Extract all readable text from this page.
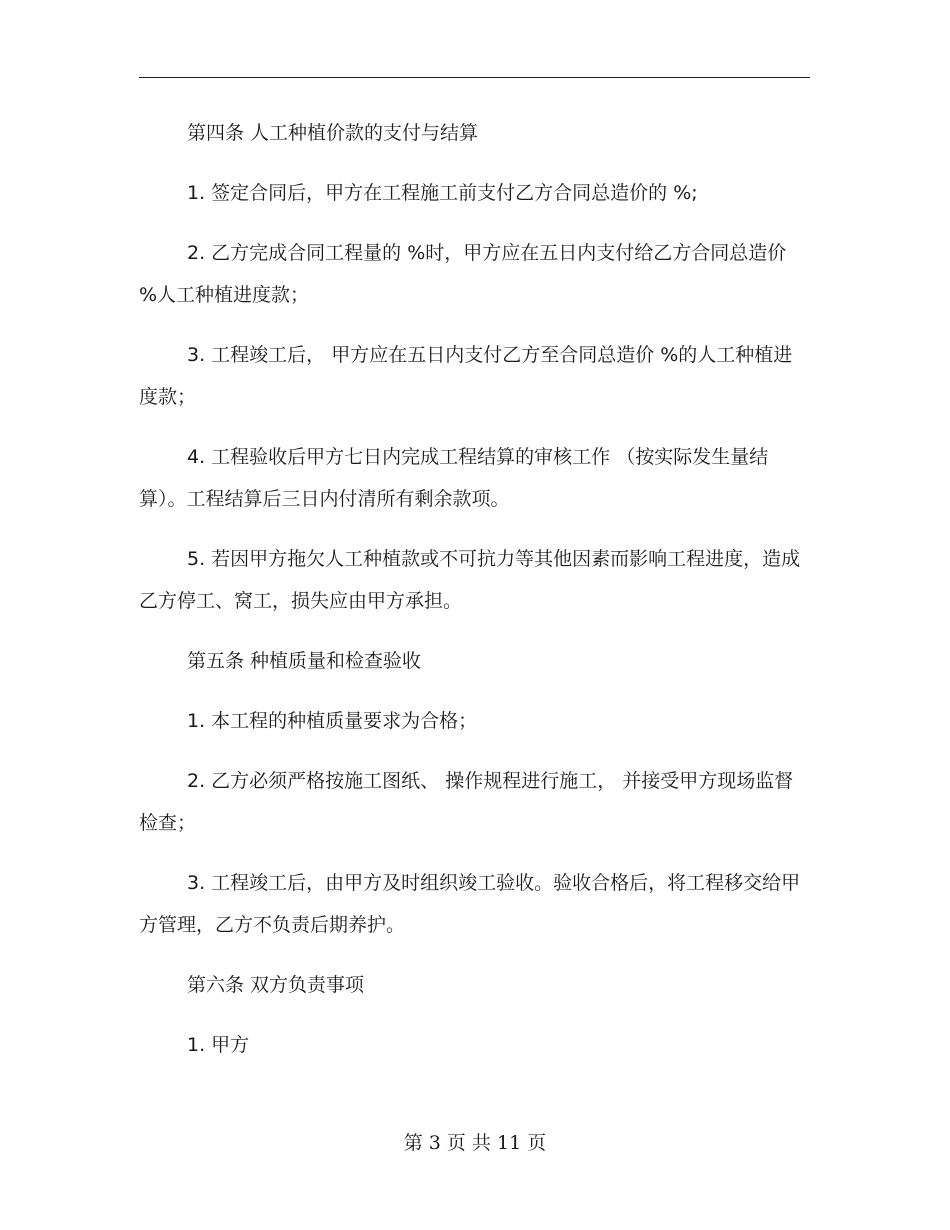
第四条 人工种植价款的支付与结算

1. 签定合同后，甲方在工程施工前支付乙方合同总造价的 %;

2. 乙方完成合同工程量的 %时，甲方应在五日内支付给乙方合同总造价 %人工种植进度款；

3. 工程竣工后， 甲方应在五日内支付乙方至合同总造价 %的人工种植进度款；

4. 工程验收后甲方七日内完成工程结算的审核工作 （按实际发生量结算）。工程结算后三日内付清所有剩余款项。

5. 若因甲方拖欠人工种植款或不可抗力等其他因素而影响工程进度，造成乙方停工、窝工，损失应由甲方承担。

第五条 种植质量和检查验收

1. 本工程的种植质量要求为合格；

2. 乙方必须严格按施工图纸、 操作规程进行施工， 并接受甲方现场监督检查；

3. 工程竣工后，由甲方及时组织竣工验收。验收合格后，将工程移交给甲方管理，乙方不负责后期养护。

第六条 双方负责事项

1. 甲方

第 3 页 共 11 页
